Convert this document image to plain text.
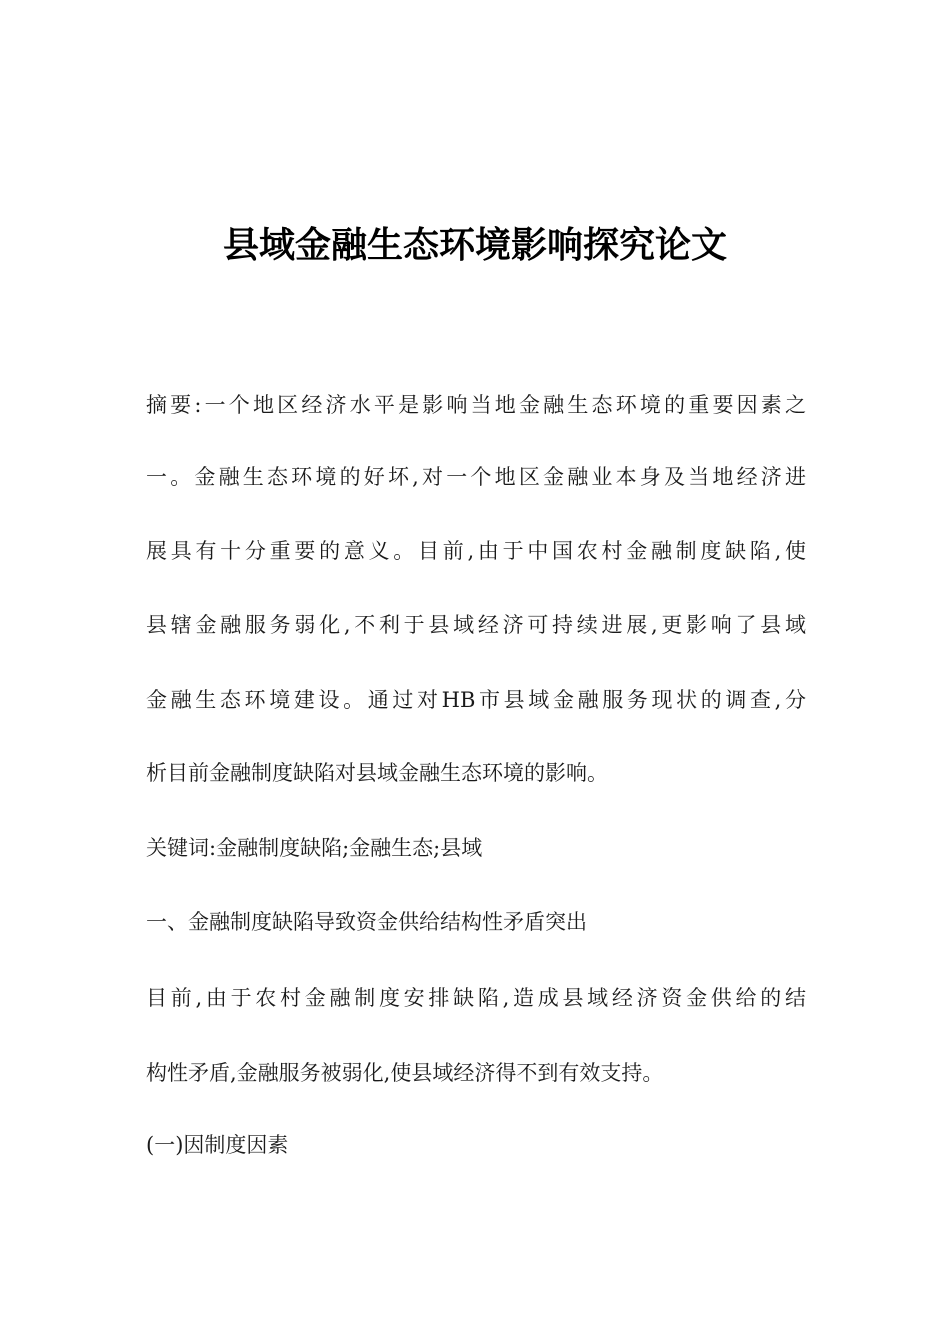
县域金融生态环境影响探究论文

摘要:一个地区经济水平是影响当地金融生态环境的重要因素之

一。金融生态环境的好坏,对一个地区金融业本身及当地经济进

展具有十分重要的意义。目前,由于中国农村金融制度缺陷,使

县辖金融服务弱化,不利于县域经济可持续进展,更影响了县域

金融生态环境建设。通过对HB市县域金融服务现状的调查,分

析目前金融制度缺陷对县域金融生态环境的影响。

关键词:金融制度缺陷;金融生态;县域

一、金融制度缺陷导致资金供给结构性矛盾突出

目前,由于农村金融制度安排缺陷,造成县域经济资金供给的结

构性矛盾,金融服务被弱化,使县域经济得不到有效支持。

(一)因制度因素
